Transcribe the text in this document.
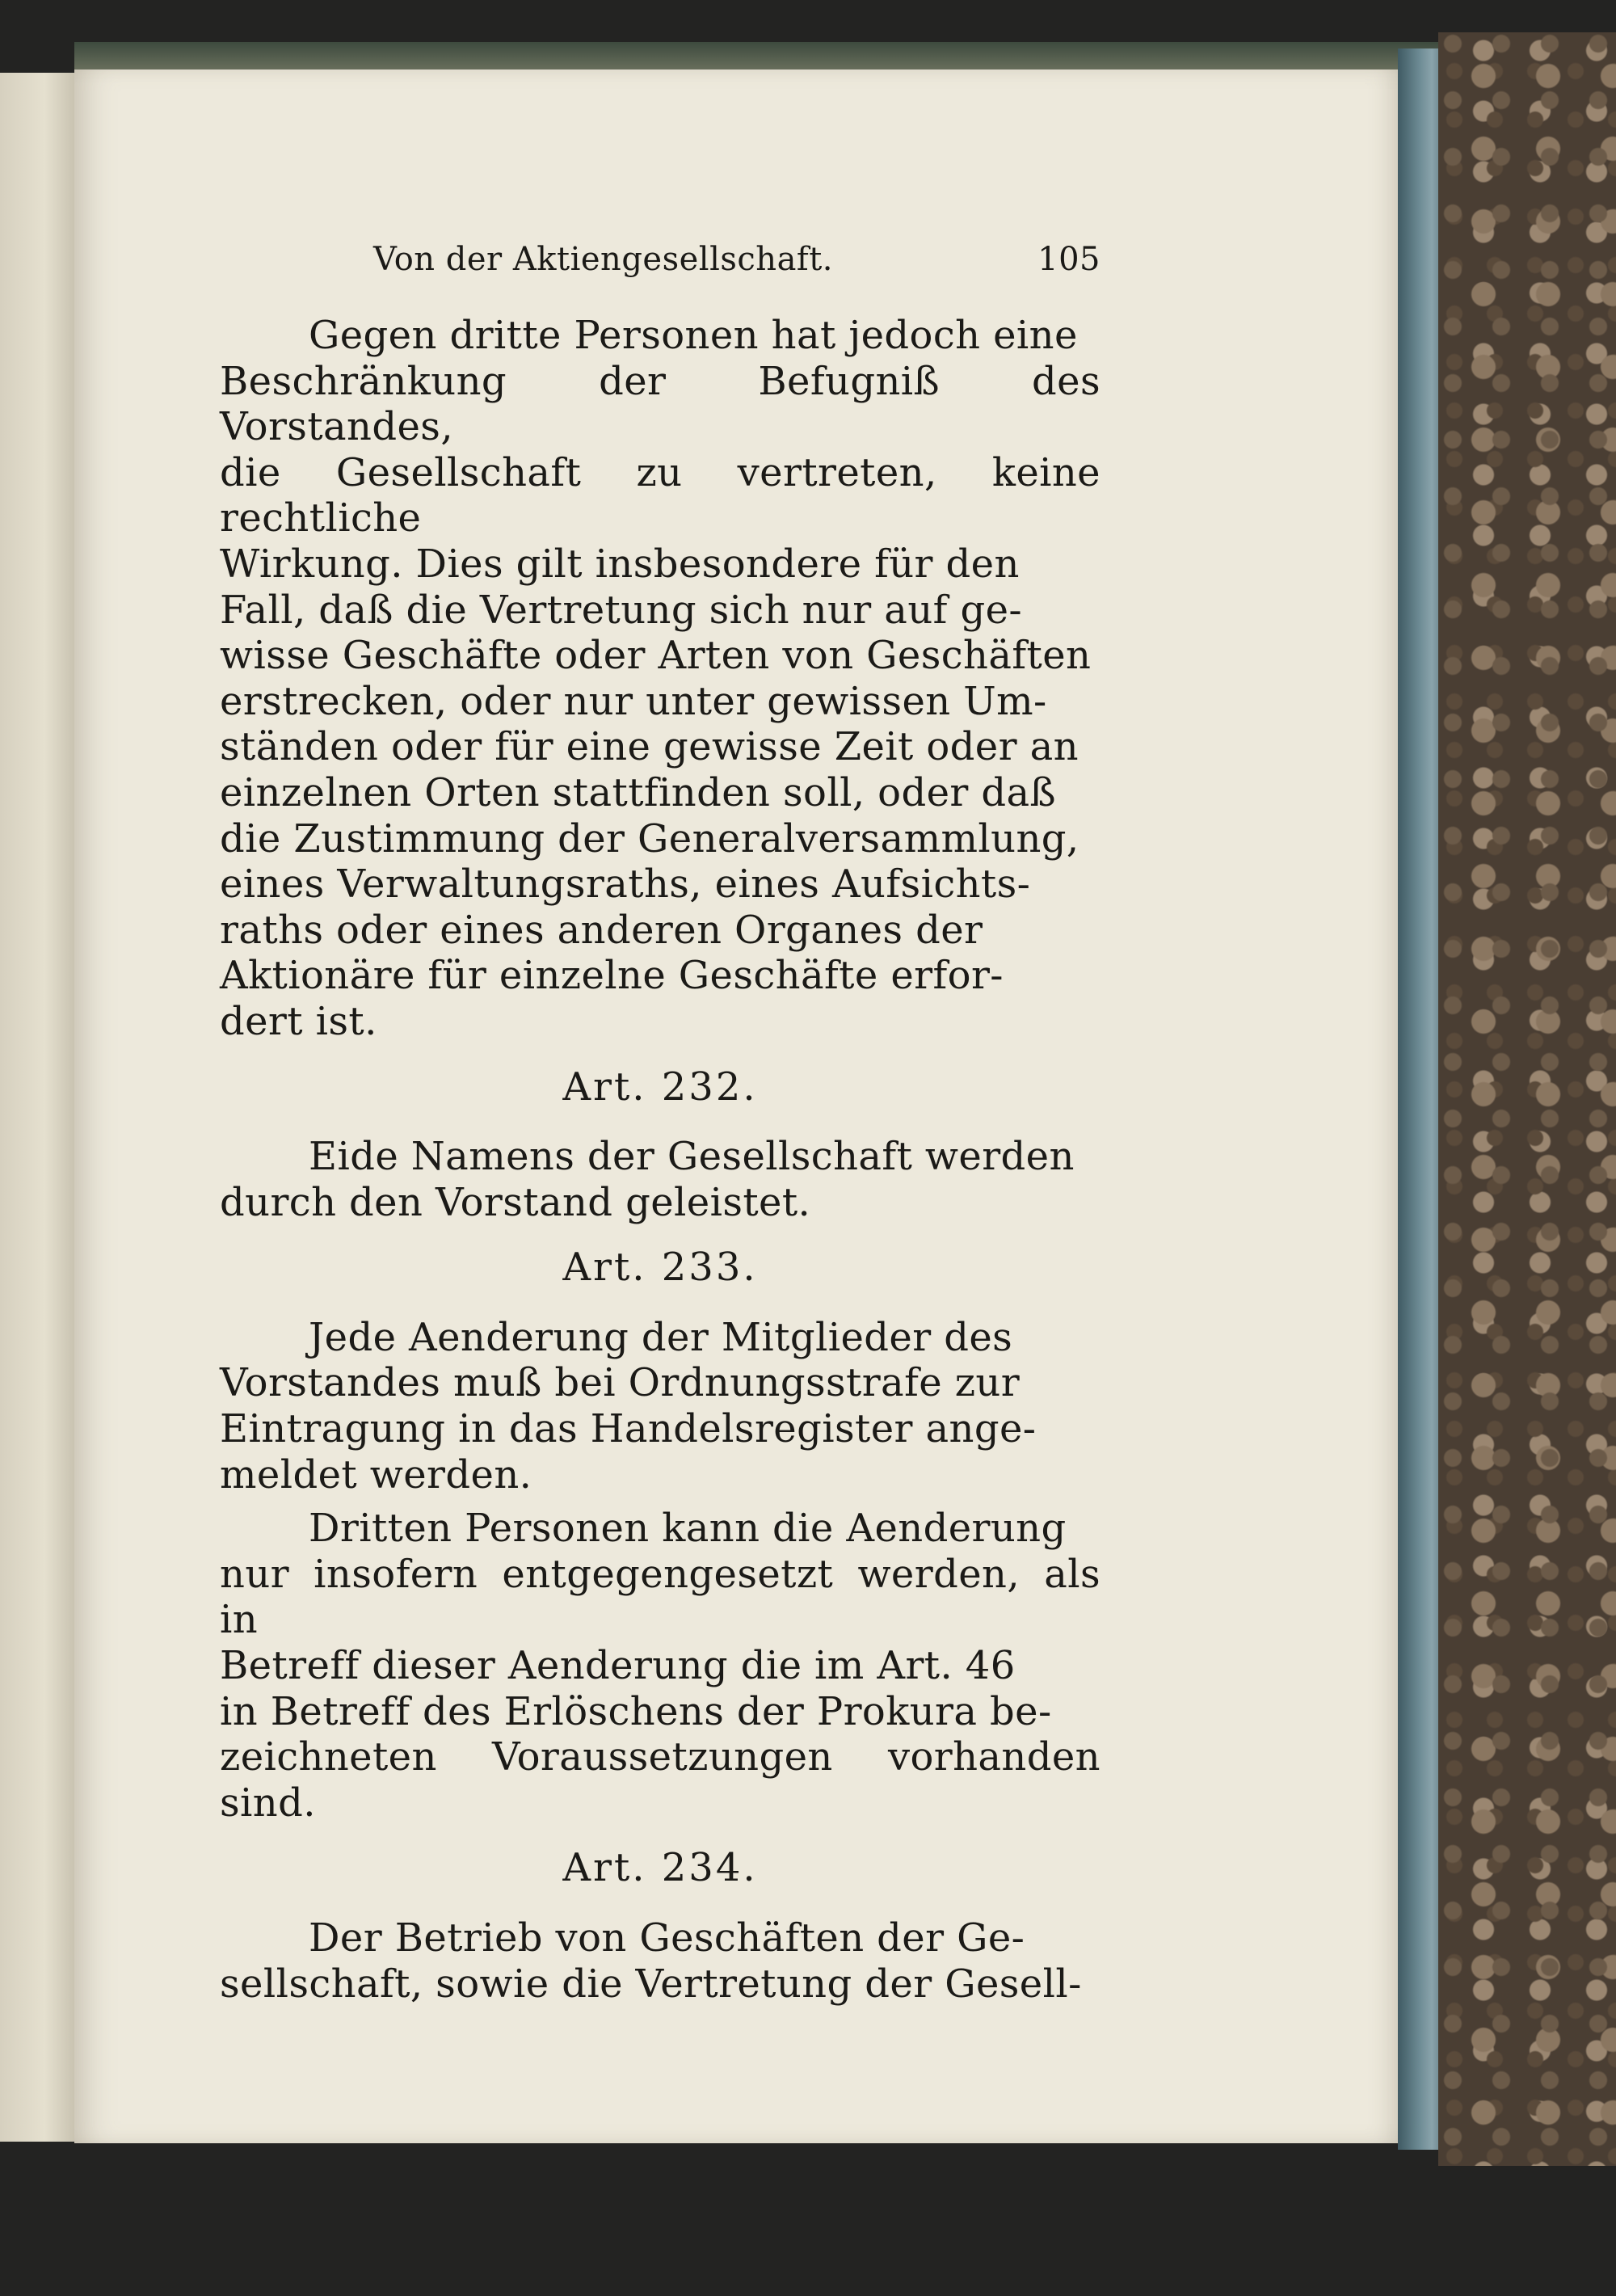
Von der Aktiengesellschaft.	105

Gegen dritte Personen hat jedoch eine

Beschränkung der Befugniß des Vorstandes,

die Gesellschaft zu vertreten, keine rechtliche

Wirkung. Dies gilt insbesondere für den

Fall, daß die Vertretung sich nur auf ge-

wisse Geschäfte oder Arten von Geschäften

erstrecken, oder nur unter gewissen Um-

ständen oder für eine gewisse Zeit oder an

einzelnen Orten stattfinden soll, oder daß

die Zustimmung der Generalversammlung,

eines Verwaltungsraths, eines Aufsichts-

raths oder eines anderen Organes der

Aktionäre für einzelne Geschäfte erfor-

dert ist.

Art. 232.

Eide Namens der Gesellschaft werden

durch den Vorstand geleistet.

Art. 233.

Jede Aenderung der Mitglieder des

Vorstandes muß bei Ordnungsstrafe zur

Eintragung in das Handelsregister ange-

meldet werden.

Dritten Personen kann die Aenderung

nur insofern entgegengesetzt werden, als in

Betreff dieser Aenderung die im Art. 46

in Betreff des Erlöschens der Prokura be-

zeichneten Voraussetzungen vorhanden sind.

Art. 234.

Der Betrieb von Geschäften der Ge-

sellschaft, sowie die Vertretung der Gesell-
